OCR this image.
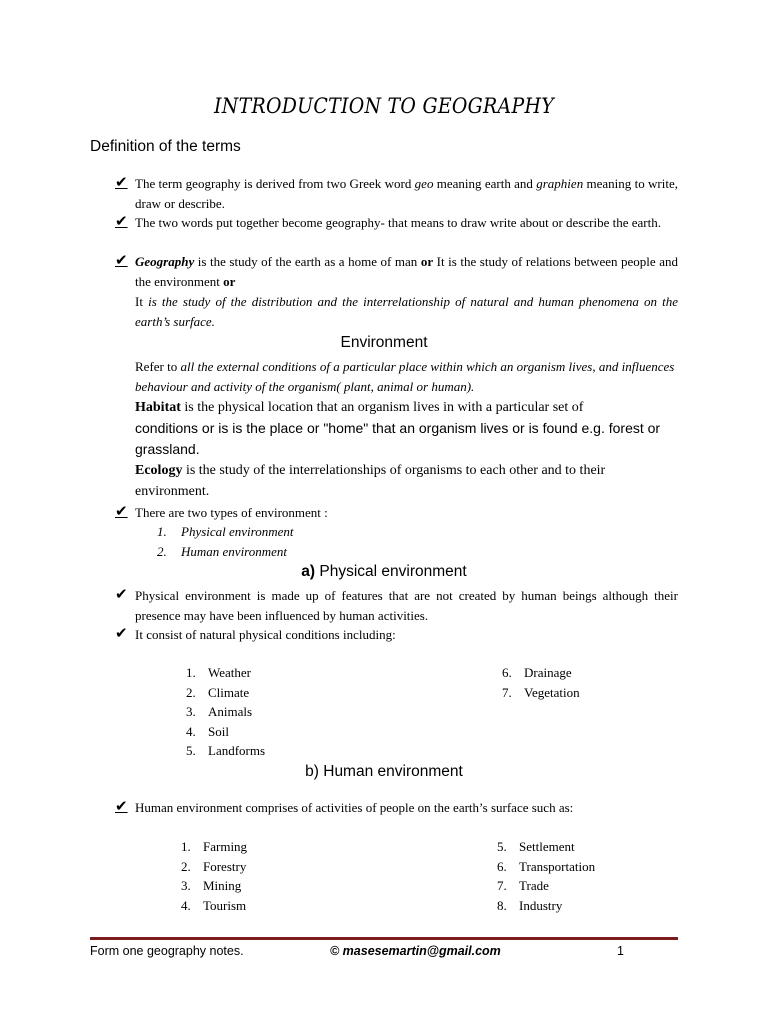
INTRODUCTION TO GEOGRAPHY
Definition of the terms
✔ The term geography is derived from two Greek word geo meaning earth and graphien meaning to write, draw or describe.
✔ The two words put together become geography- that means to draw write about or describe the earth.
✔ Geography is the study of the earth as a home of man or It is the study of relations between people and the environment or
It is the study of the distribution and the interrelationship of natural and human phenomena on the earth’s surface.
Environment
Refer to all the external conditions of a particular place within which an organism lives, and influences behaviour and activity of the organism( plant, animal or human).
Habitat is the physical location that an organism lives in with a particular set of
conditions or is is the place or "home" that an organism lives or is found e.g. forest or grassland.
Ecology is the study of the interrelationships of organisms to each other and to their environment.
✔ There are two types of environment :
1. Physical environment
2. Human environment
a) Physical environment
✔ Physical environment is made up of features that are not created by human beings although their presence may have been influenced by human activities.
✔ It consist of natural physical conditions including:
1. Weather
2. Climate
3. Animals
4. Soil
5. Landforms
6. Drainage
7. Vegetation
b) Human environment
✔ Human environment comprises of activities of people on the earth’s surface such as:
1. Farming
2. Forestry
3. Mining
4. Tourism
5. Settlement
6. Transportation
7. Trade
8. Industry
Form one geography notes.	© masesemartin@gmail.com	1
